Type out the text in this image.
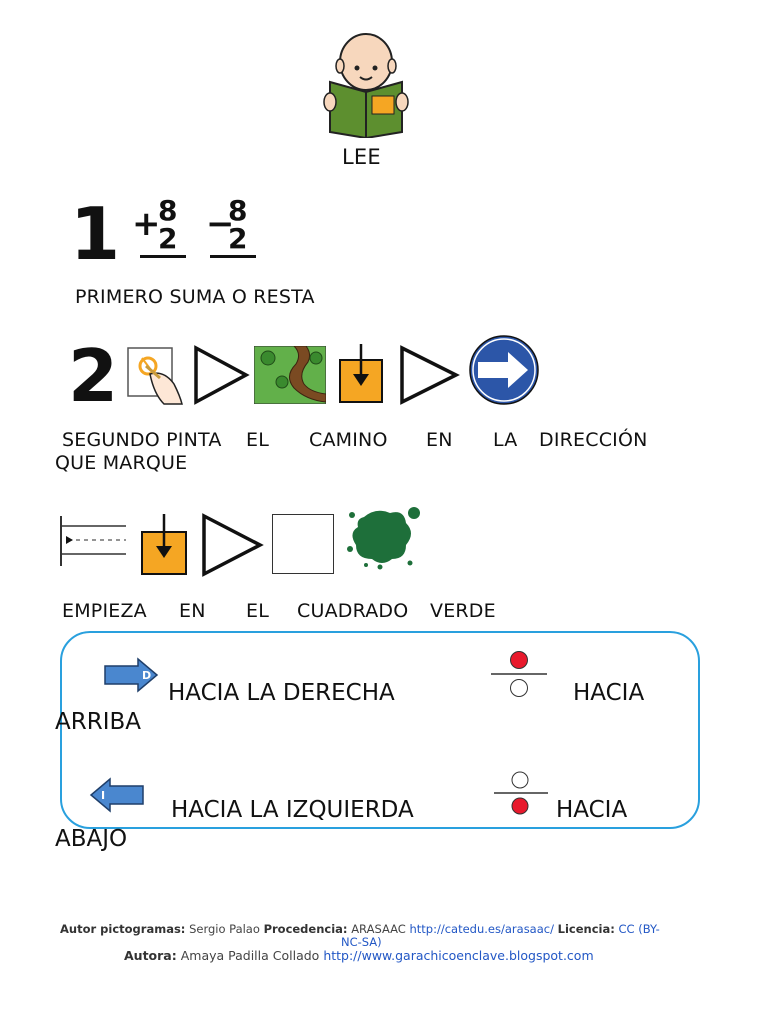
LEE
1 +
8
2 −
8
2
PRIMERO SUMA O RESTA
2
SEGUNDO PINTA EL CAMINO EN LA DIRECCIÓN
QUE MARQUE
EMPIEZA EN EL CUADRADO VERDE
D
HACIA LA DERECHA	HACIA
ARRIBA
I
HACIA LA IZQUIERDA	HACIA
ABAJO
Autor pictogramas: Sergio Palao Procedencia: ARASAAC http://catedu.es/arasaac/ Licencia: CC (BY-
NC-SA)
Autora: Amaya Padilla Collado http://www.garachicoenclave.blogspot.com
